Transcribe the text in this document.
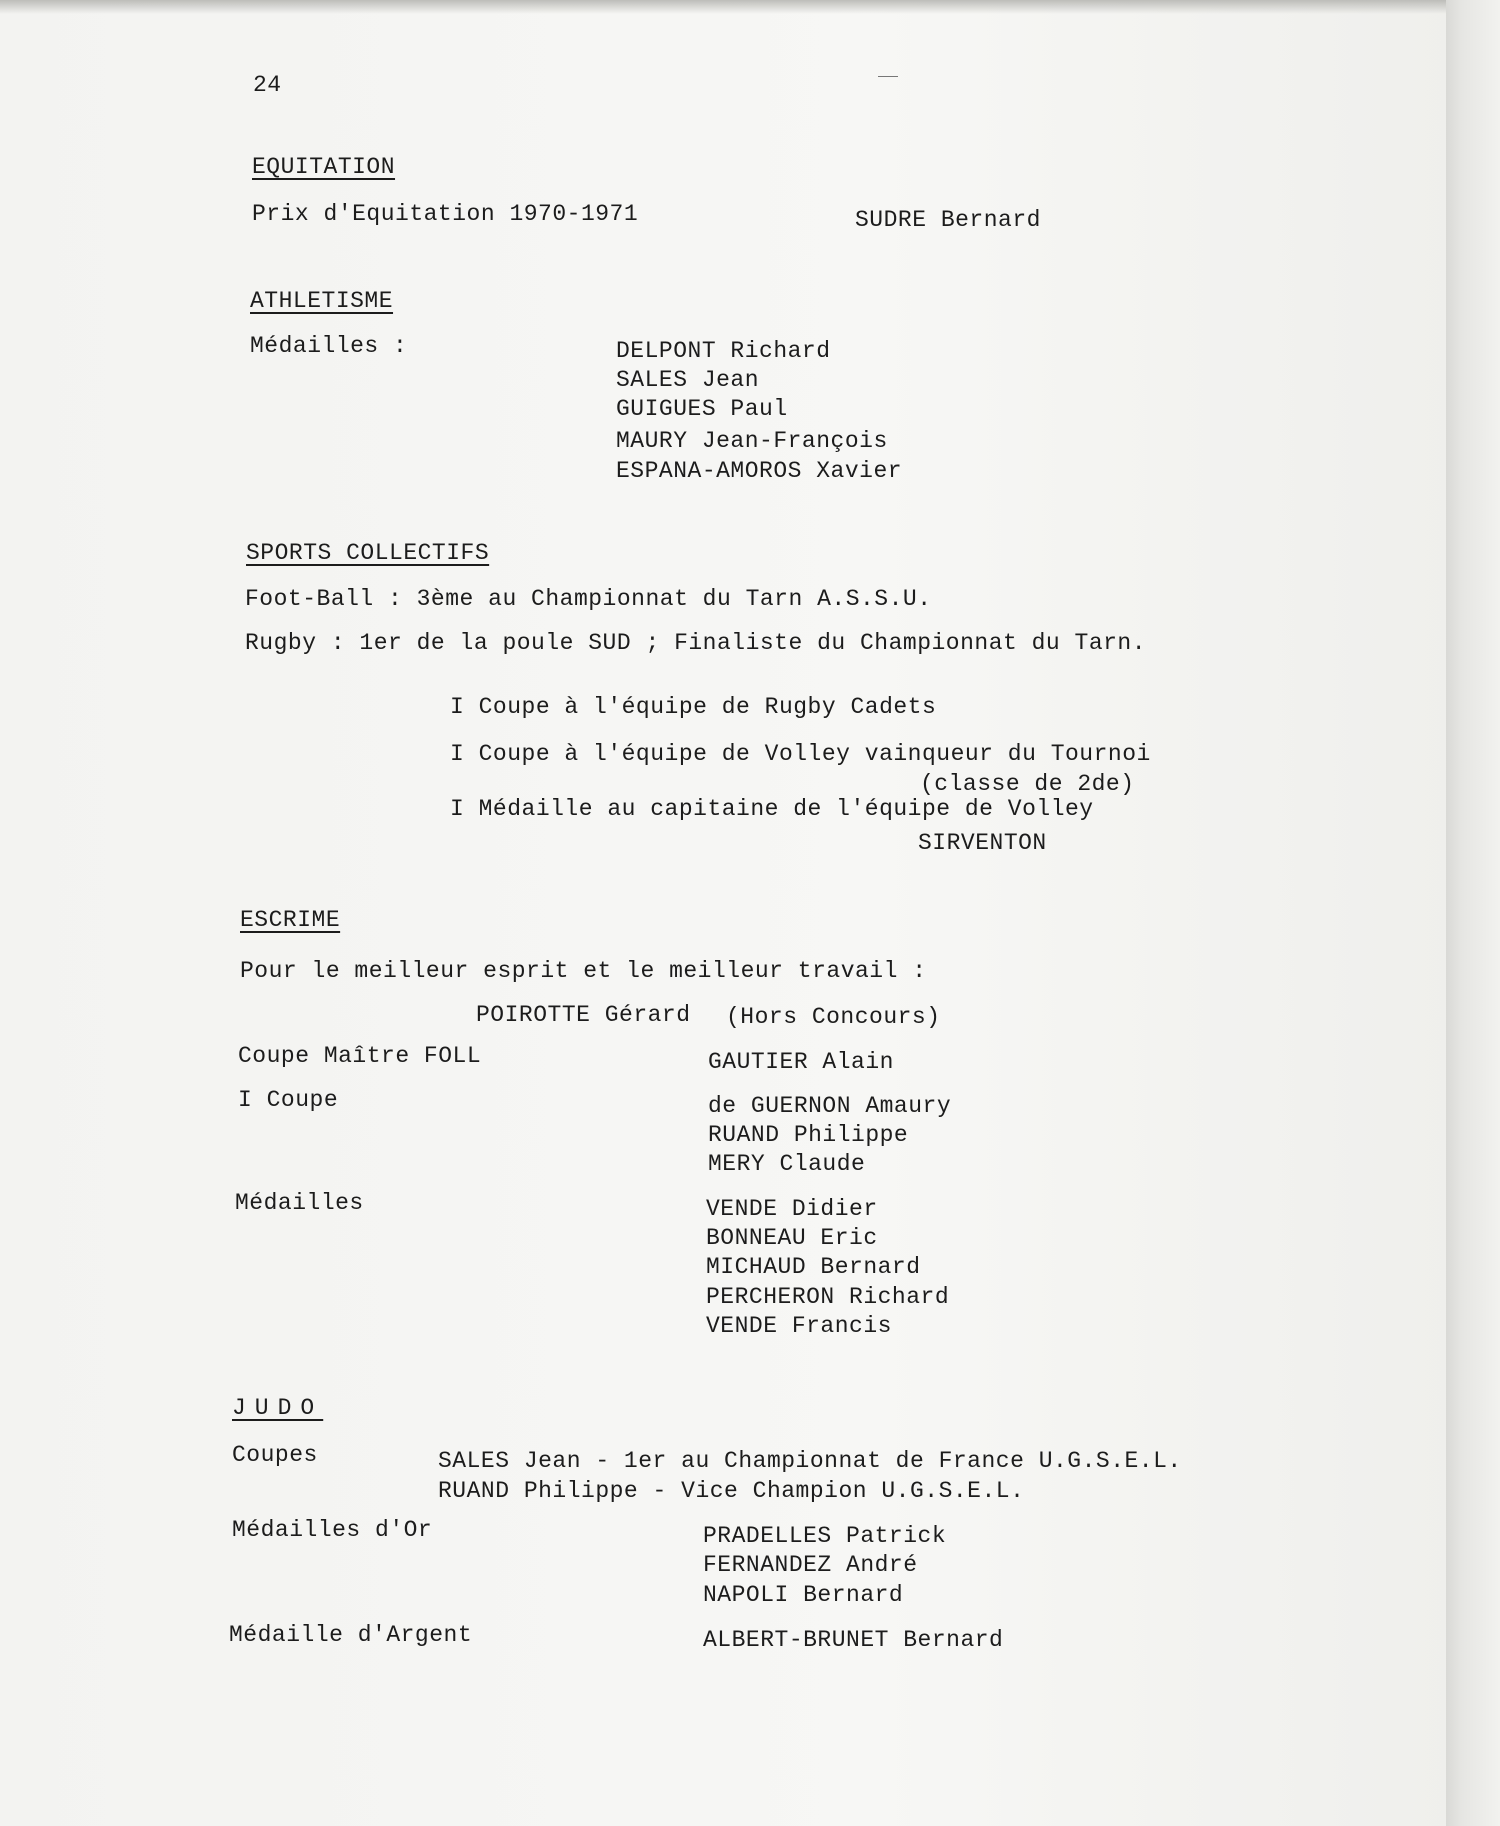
24
EQUITATION
Prix d'Equitation 1970-1971	SUDRE Bernard
ATHLETISME
Médailles :	DELPONT Richard
SALES Jean
GUIGUES Paul
MAURY Jean-François
ESPANA-AMOROS Xavier
SPORTS COLLECTIFS
Foot-Ball : 3ème au Championnat du Tarn A.S.S.U.
Rugby : 1er de la poule SUD ; Finaliste du Championnat du Tarn.
I Coupe à l'équipe de Rugby Cadets
I Coupe à l'équipe de Volley vainqueur du Tournoi
(classe de 2de)
I Médaille au capitaine de l'équipe de Volley
SIRVENTON
ESCRIME
Pour le meilleur esprit et le meilleur travail :
POIROTTE Gérard (Hors Concours)
Coupe Maître FOLL	GAUTIER Alain
I Coupe	de GUERNON Amaury
RUAND Philippe
MERY Claude
Médailles	VENDE Didier
BONNEAU Eric
MICHAUD Bernard
PERCHERON Richard
VENDE Francis
JUDO
Coupes	SALES Jean - 1er au Championnat de France U.G.S.E.L.
RUAND Philippe - Vice Champion U.G.S.E.L.
Médailles d'Or	PRADELLES Patrick
FERNANDEZ André
NAPOLI Bernard
Médaille d'Argent	ALBERT-BRUNET Bernard
